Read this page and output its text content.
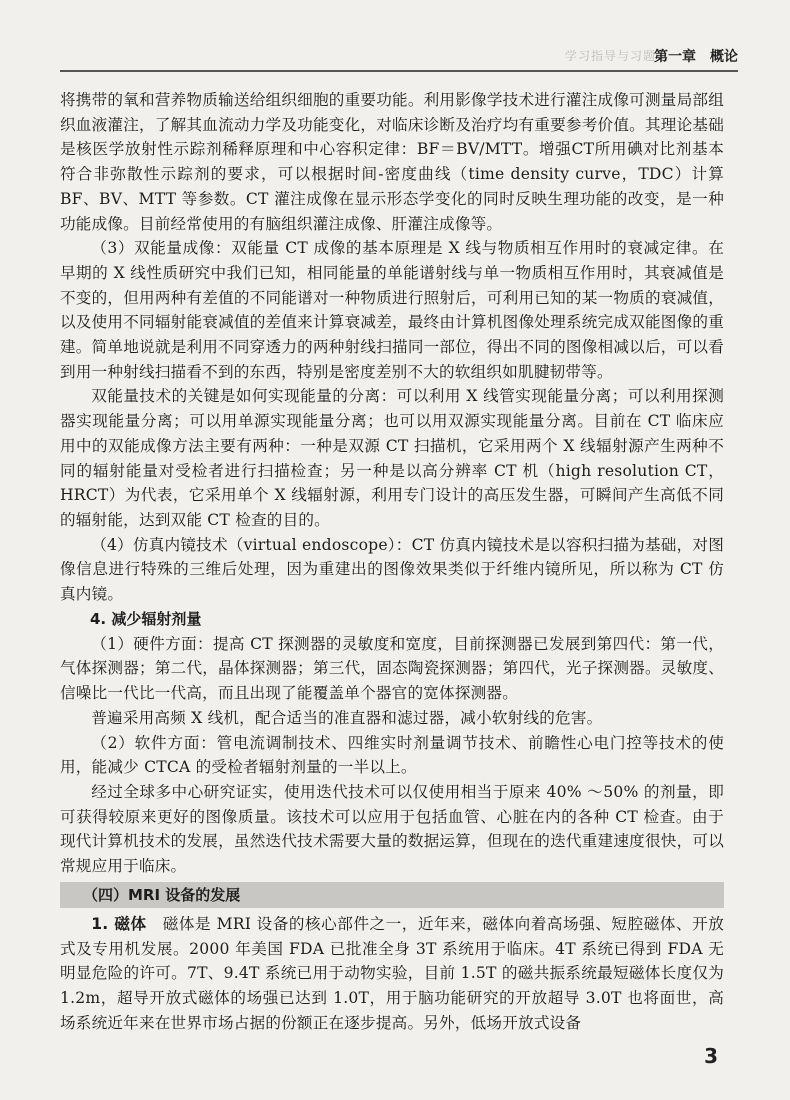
学习指导与习题集
第一章　概论

将携带的氧和营养物质输送给组织细胞的重要功能。利用影像学技术进行灌注成像可测量局部组织血液灌注，了解其血流动力学及功能变化，对临床诊断及治疗均有重要参考价值。其理论基础是核医学放射性示踪剂稀释原理和中心容积定律：BF＝BV/MTT。增强CT所用碘对比剂基本符合非弥散性示踪剂的要求，可以根据时间-密度曲线（time density curve，TDC）计算 BF、BV、MTT 等参数。CT 灌注成像在显示形态学变化的同时反映生理功能的改变，是一种功能成像。目前经常使用的有脑组织灌注成像、肝灌注成像等。

（3）双能量成像：双能量 CT 成像的基本原理是 X 线与物质相互作用时的衰减定律。在早期的 X 线性质研究中我们已知，相同能量的单能谱射线与单一物质相互作用时，其衰减值是不变的，但用两种有差值的不同能谱对一种物质进行照射后，可利用已知的某一物质的衰减值，以及使用不同辐射能衰减值的差值来计算衰减差，最终由计算机图像处理系统完成双能图像的重建。简单地说就是利用不同穿透力的两种射线扫描同一部位，得出不同的图像相减以后，可以看到用一种射线扫描看不到的东西，特别是密度差别不大的软组织如肌腱韧带等。

双能量技术的关键是如何实现能量的分离：可以利用 X 线管实现能量分离；可以利用探测器实现能量分离；可以用单源实现能量分离；也可以用双源实现能量分离。目前在 CT 临床应用中的双能成像方法主要有两种：一种是双源 CT 扫描机，它采用两个 X 线辐射源产生两种不同的辐射能量对受检者进行扫描检查；另一种是以高分辨率 CT 机（high resolution CT，HRCT）为代表，它采用单个 X 线辐射源，利用专门设计的高压发生器，可瞬间产生高低不同的辐射能，达到双能 CT 检查的目的。

（4）仿真内镜技术（virtual endoscope）：CT 仿真内镜技术是以容积扫描为基础，对图像信息进行特殊的三维后处理，因为重建出的图像效果类似于纤维内镜所见，所以称为 CT 仿真内镜。

4. 减少辐射剂量

（1）硬件方面：提高 CT 探测器的灵敏度和宽度，目前探测器已发展到第四代：第一代，气体探测器；第二代，晶体探测器；第三代，固态陶瓷探测器；第四代，光子探测器。灵敏度、信噪比一代比一代高，而且出现了能覆盖单个器官的宽体探测器。

普遍采用高频 X 线机，配合适当的准直器和滤过器，减小软射线的危害。

（2）软件方面：管电流调制技术、四维实时剂量调节技术、前瞻性心电门控等技术的使用，能减少 CTCA 的受检者辐射剂量的一半以上。

经过全球多中心研究证实，使用迭代技术可以仅使用相当于原来 40% ～50% 的剂量，即可获得较原来更好的图像质量。该技术可以应用于包括血管、心脏在内的各种 CT 检查。由于现代计算机技术的发展，虽然迭代技术需要大量的数据运算，但现在的迭代重建速度很快，可以常规应用于临床。

（四）MRI 设备的发展

1. 磁体　 磁体是 MRI 设备的核心部件之一，近年来，磁体向着高场强、短腔磁体、开放式及专用机发展。2000 年美国 FDA 已批准全身 3T 系统用于临床。4T 系统已得到 FDA 无明显危险的许可。7T、9.4T 系统已用于动物实验，目前 1.5T 的磁共振系统最短磁体长度仅为 1.2m，超导开放式磁体的场强已达到 1.0T，用于脑功能研究的开放超导 3.0T 也将面世，高场系统近年来在世界市场占据的份额正在逐步提高。另外，低场开放式设备

3
